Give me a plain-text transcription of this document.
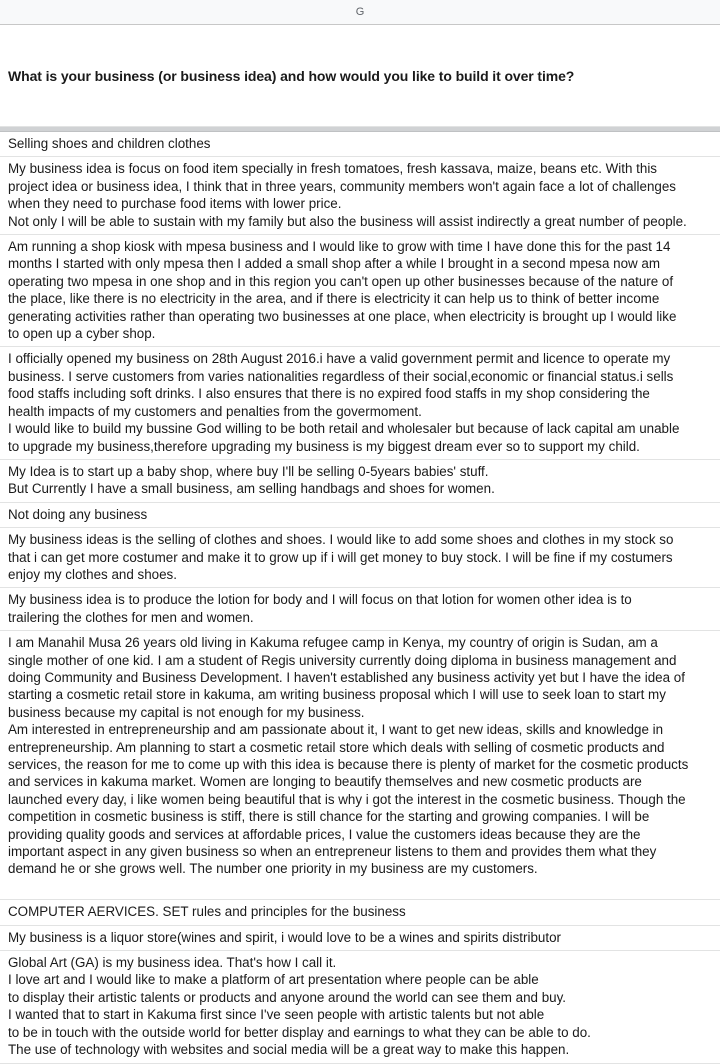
G
What is your business (or business idea) and how would you like to build it over time?
Selling shoes and children clothes
My business idea is focus on food item specially in fresh tomatoes, fresh kassava, maize, beans etc. With this
project idea or business idea, I think that in three years, community members won't again face a lot of challenges
when they need to purchase food items with lower price.
Not only I will be able to sustain with my family but also the business will assist indirectly a great number of people.
Am running a shop kiosk with mpesa business and I would like to grow with time I have done this for the past 14
months I started with only mpesa then I added a small shop after a while I brought in a second mpesa now am
operating two mpesa in one shop and in this region you can't open up other businesses because of the nature of
the place, like there is no electricity in the area, and if there is electricity it can help us to think of better income
generating activities rather than operating two businesses at one place, when electricity is brought up I would like
to open up a cyber shop.
I officially opened my business on 28th August 2016.i have a valid government permit and licence to operate my
business. I serve customers from varies nationalities regardless of their social,economic or financial status.i sells
food staffs including soft drinks. I also ensures that there is no expired food staffs in my shop considering the
health impacts of my customers and penalties from the govermoment.
I would like to build my bussine God willing to be both retail and wholesaler but because of lack capital am unable
to upgrade my business,therefore upgrading my business is my biggest dream ever so to support my child.
My Idea is to start up a baby shop, where buy I'll be selling 0-5years babies' stuff.
But Currently I have a small business, am selling handbags and shoes for women.
Not doing any business
My business ideas is the selling of clothes and shoes. I would like to add some shoes and clothes in my stock so
that i can get more costumer and make it to grow up if i will get money to buy stock. I will be fine if my costumers
enjoy my clothes and shoes.
My business idea is to produce the lotion for body and I will focus on that lotion for women other idea is to
trailering the clothes for men and women.
I am Manahil Musa 26 years old living in Kakuma refugee camp in Kenya, my country of origin is Sudan, am a
single mother of one kid. I am a student of Regis university currently doing diploma in business management and
doing Community and Business Development. I haven't established any business activity yet but I have the idea of
starting a cosmetic retail store in kakuma, am writing business proposal which I will use to seek loan to start my
business because my capital is not enough for my business.
Am interested in entrepreneurship and am passionate about it, I want to get new ideas, skills and knowledge in
entrepreneurship. Am planning to start a cosmetic retail store which deals with selling of cosmetic products and
services, the reason for me to come up with this idea is because there is plenty of market for the cosmetic products
and services in kakuma market. Women are longing to beautify themselves and new cosmetic products are
launched every day, i like women being beautiful that is why i got the interest in the cosmetic business. Though the
competition in cosmetic business is stiff, there is still chance for the starting and growing companies. I will be
providing quality goods and services at affordable prices, I value the customers ideas because they are the
important aspect in any given business so when an entrepreneur listens to them and provides them what they
demand he or she grows well. The number one priority in my business are my customers.

COMPUTER AERVICES. SET rules and principles for the business
My business is a liquor store(wines and spirit, i would love to be a wines and spirits distributor
Global Art (GA) is my business idea. That's how I call it.
I love art and I would like to make a platform of art presentation where people can be able
to display their artistic talents or products and anyone around the world can see them and buy.
I wanted that to start in Kakuma first since I've seen people with artistic talents but not able
to be in touch with the outside world for better display and earnings to what they can be able to do.
The use of technology with websites and social media will be a great way to make this happen.
